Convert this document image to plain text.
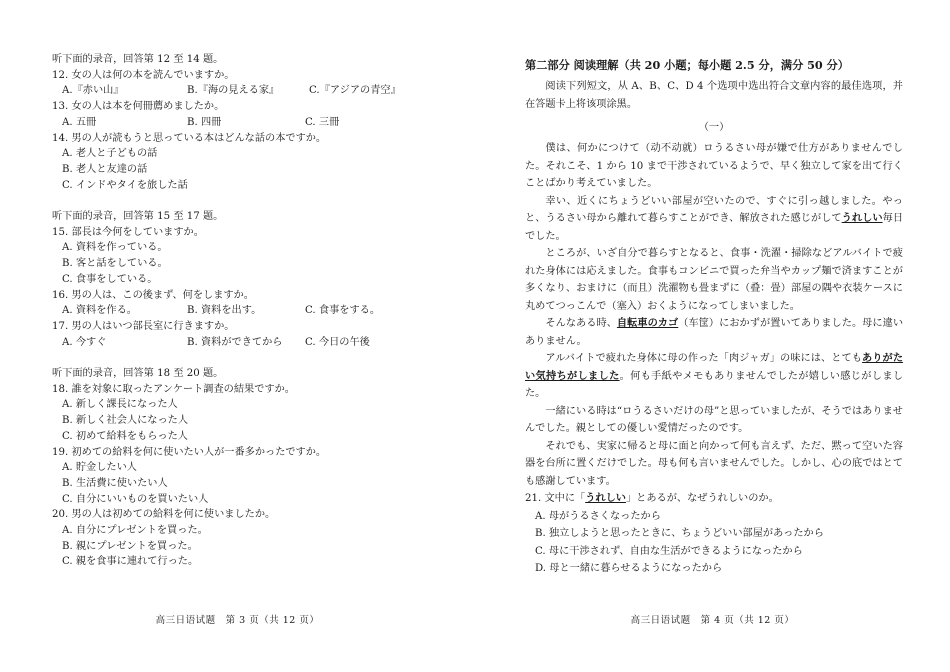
听下面的录音，回答第 12 至 14 题。
12. 女の人は何の本を読んでいますか。
A.『赤い山』	B.『海の見える家』	C.『アジアの青空』
13. 女の人は本を何冊薦めましたか。
A. 五冊	B. 四冊	C. 三冊
14. 男の人が読もうと思っている本はどんな話の本ですか。
A. 老人と子どもの話
B. 老人と友達の話
C. インドやタイを旅した話
听下面的录音，回答第 15 至 17 题。
15. 部長は今何をしていますか。
A. 資料を作っている。
B. 客と話をしている。
C. 食事をしている。
16. 男の人は、この後まず、何をしますか。
A. 資料を作る。	B. 資料を出す。	C. 食事をする。
17. 男の人はいつ部長室に行きますか。
A. 今すぐ	B. 資料ができてから	C. 今日の午後
听下面的录音，回答第 18 至 20 题。
18. 誰を対象に取ったアンケート調査の結果ですか。
A. 新しく課長になった人
B. 新しく社会人になった人
C. 初めて給料をもらった人
19. 初めての給料を何に使いたい人が一番多かったですか。
A. 貯金したい人
B. 生活費に使いたい人
C. 自分にいいものを買いたい人
20. 男の人は初めての給料を何に使いましたか。
A. 自分にプレゼントを買った。
B. 親にプレゼントを買った。
C. 親を食事に連れて行った。
高三日语试题　第 3 页（共 12 页）
第二部分 阅读理解（共 20 小题；每小题 2.5 分，满分 50 分）
阅读下列短文，从 A、B、C、D 4 个选项中选出符合文章内容的最佳选项，并在答题卡上将该项涂黑。
（一）
僕は、何かにつけて（动不动就）ロうるさい母が嫌で仕方がありませんでした。それこそ、1 から 10 まで干渉されているようで、早く独立して家を出て行くことばかり考えていました。
幸い、近くにちょうどいい部屋が空いたので、すぐに引っ越しました。やっと、うるさい母から離れて暮らすことができ、解放された感じがしてうれしい毎日でした。
ところが、いざ自分で暮らすとなると、食事・洗濯・掃除などアルバイトで疲れた身体には応えました。食事もコンビニで買った弁当やカップ麺で済ますことが多くなり、おまけに（而且）洗濯物も畳まずに（叠：畳）部屋の隅や衣装ケースに丸めてつっこんで（塞入）おくようになってしまいました。
そんなある時、自転車のカゴ（车筐）におかずが置いてありました。母に違いありません。
アルバイトで疲れた身体に母の作った「肉ジャガ」の味には、とてもありがたい気持ちがしました。何も手紙やメモもありませんでしたが嬉しい感じがしました。
一緒にいる時は“ロうるさいだけの母”と思っていましたが、そうではありませんでした。親としての優しい愛情だったのです。
それでも、実家に帰ると母に面と向かって何も言えず、ただ、黙って空いた容器を台所に置くだけでした。母も何も言いませんでした。しかし、心の底ではとても感謝しています。
21. 文中に「うれしい」とあるが、なぜうれしいのか。
A. 母がうるさくなったから
B. 独立しようと思ったときに、ちょうどいい部屋があったから
C. 母に干渉されず、自由な生活ができるようになったから
D. 母と一緒に暮らせるようになったから
高三日语试题　第 4 页（共 12 页）
